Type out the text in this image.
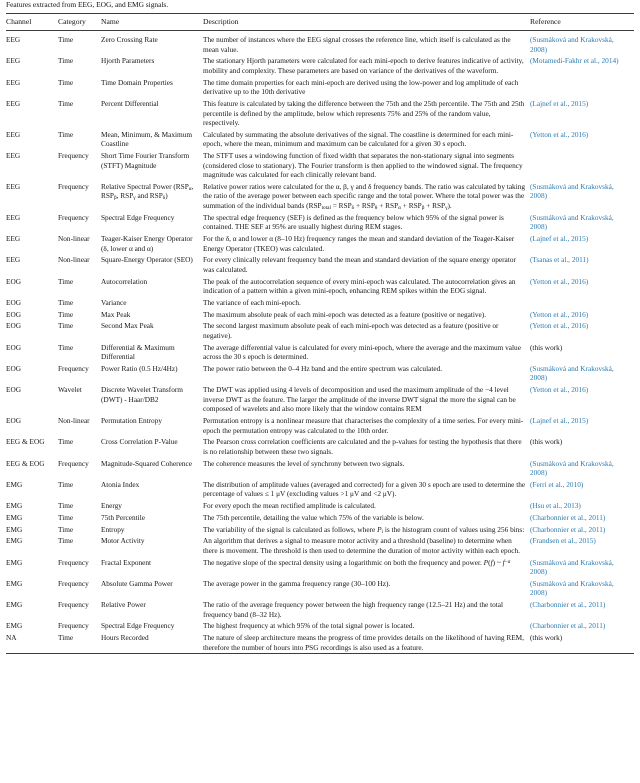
Features extracted from EEG, EOG, and EMG signals.
Channel	Category	Name	Description	Reference
EEG	Time	Zero Crossing Rate	The number of instances where the EEG signal crosses the reference line, which itself is calculated as the mean value.	(Susmáková and Krakovská, 2008)
EEG	Time	Hjorth Parameters	The stationary Hjorth parameters were calculated for each mini-epoch to derive features indicative of activity, mobility and complexity. These parameters are based on variance of the derivatives of the waveform.	(Motamedi-Fakhr et al., 2014)
EEG	Time	Time Domain Properties	The time domain properties for each mini-epoch are derived using the low-power and log amplitude of each derivative up to the 10th derivative	
EEG	Time	Percent Differential	This feature is calculated by taking the difference between the 75th and the 25th percentile. The 75th and 25th percentile is defined by the amplitude, below which represents 75% and 25% of the random value, respectively.	(Lajnef et al., 2015)
EEG	Time	Mean, Minimum, & Maximum Coastline	Calculated by summating the absolute derivatives of the signal. The coastline is determined for each mini-epoch, where the mean, minimum and maximum can be calculated for a given 30 s epoch.	(Yetton et al., 2016)
EEG	Frequency	Short Time Fourier Transform (STFT) Magnitude	The STFT uses a windowing function of fixed width that separates the non-stationary signal into segments (considered close to stationary). The Fourier transform is then applied to the windowed signal. The frequency magnitude was calculated for each clinically relevant band.	
EEG	Frequency	Relative Spectral Power ($RSP_\alpha$, $RSP_\beta$, $RSP_\gamma$ and $RSP_\delta$)	Relative power ratios were calculated for the α, β, γ and δ frequency bands. The ratio was calculated by taking the ratio of the average power between each specific range and the total power. Where the total power was the summation of the individual bands $(RSP_{total} = RSP_\delta + RSP_\theta + RSP_\alpha + RSP_\beta + RSP_\gamma)$.	(Susmáková and Krakovská, 2008)
EEG	Frequency	Spectral Edge Frequency	The spectral edge frequency (SEF) is defined as the frequency below which 95% of the signal power is contained. THE SEF at 95% are usually highest during REM stages.	(Susmáková and Krakovská, 2008)
EEG	Non-linear	Teager-Kaiser Energy Operator (δ, lower α and α)	For the δ, α and lower α (8–10 Hz) frequency ranges the mean and standard deviation of the Teager-Kaiser Energy Operator (TKEO) was calculated.	(Lajnef et al., 2015)
EEG	Non-linear	Square-Energy Operator (SEO)	For every clinically relevant frequency band the mean and standard deviation of the square energy operator was calculated.	(Tsanas et al., 2011)
EOG	Time	Autocorrelation	The peak of the autocorrelation sequence of every mini-epoch was calculated. The autocorrelation gives an indication of a pattern within a given mini-epoch, enhancing REM spikes within the EOG signal.	(Yetton et al., 2016)
EOG	Time	Variance	The variance of each mini-epoch.	
EOG	Time	Max Peak	The maximum absolute peak of each mini-epoch was detected as a feature (positive or negative).	(Yetton et al., 2016)
EOG	Time	Second Max Peak	The second largest maximum absolute peak of each mini-epoch was detected as a feature (positive or negative).	(Yetton et al., 2016)
EOG	Time	Differential & Maximum Differential	The average differential value is calculated for every mini-epoch, where the average and the maximum value across the 30 s epoch is determined.	(this work)
EOG	Frequency	Power Ratio (0.5 Hz/4Hz)	The power ratio between the 0–4 Hz band and the entire spectrum was calculated.	(Susmáková and Krakovská, 2008)
EOG	Wavelet	Discrete Wavelet Transform (DWT) - Haar/DB2	The DWT was applied using 4 levels of decomposition and used the maximum amplitude of the −4 level inverse DWT as the feature. The larger the amplitude of the inverse DWT signal the more the signal can be composed of wavelets and also more likely that the window contains REM	(Yetton et al., 2016)
EOG	Non-linear	Permutation Entropy	Permutation entropy is a nonlinear measure that characterises the complexity of a time series. For every mini-epoch the permutation entropy was calculated to the 10th order.	(Lajnef et al., 2015)
EEG & EOG	Time	Cross Correlation P-Value	The Pearson cross correlation coefficients are calculated and the p-values for testing the hypothesis that there is no relationship between these two signals.	(this work)
EEG & EOG	Frequency	Magnitude-Squared Coherence	The coherence measures the level of synchrony between two signals.	(Susmáková and Krakovská, 2008)
EMG	Time	Atonia Index	The distribution of amplitude values (averaged and corrected) for a given 30 s epoch are used to determine the percentage of values ≤ 1 μV (excluding values >1 μV and <2 μV).	(Ferri et al., 2010)
EMG	Time	Energy	For every epoch the mean rectified amplitude is calculated.	(Hsu et al., 2013)
EMG	Time	75th Percentile	The 75th percentile, detailing the value which 75% of the variable is below.	(Charbonnier et al., 2011)
EMG	Time	Entropy	The variability of the signal is calculated as follows, where $P_i$ is the histogram count of values using 256 bins:	(Charbonnier et al., 2011)
EMG	Time	Motor Activity	An algorithm that derives a signal to measure motor activity and a threshold (baseline) to determine when there is movement. The threshold is then used to determine the duration of motor activity within each epoch.	(Frandsen et al., 2015)
EMG	Frequency	Fractal Exponent	The negative slope of the spectral density using a logarithmic on both the frequency and power. P(f) ~ $f^{-\alpha}$	(Susmáková and Krakovská, 2008)
EMG	Frequency	Absolute Gamma Power	The average power in the gamma frequency range (30–100 Hz).	(Susmáková and Krakovská, 2008)
EMG	Frequency	Relative Power	The ratio of the average frequency power between the high frequency range (12.5–21 Hz) and the total frequency band (8–32 Hz).	(Charbonnier et al., 2011)
EMG	Frequency	Spectral Edge Frequency	The highest frequency at which 95% of the total signal power is located.	(Charbonnier et al., 2011)
NA	Time	Hours Recorded	The nature of sleep architecture means the progress of time provides details on the likelihood of having REM, therefore the number of hours into PSG recordings is also used as a feature.	(this work)
